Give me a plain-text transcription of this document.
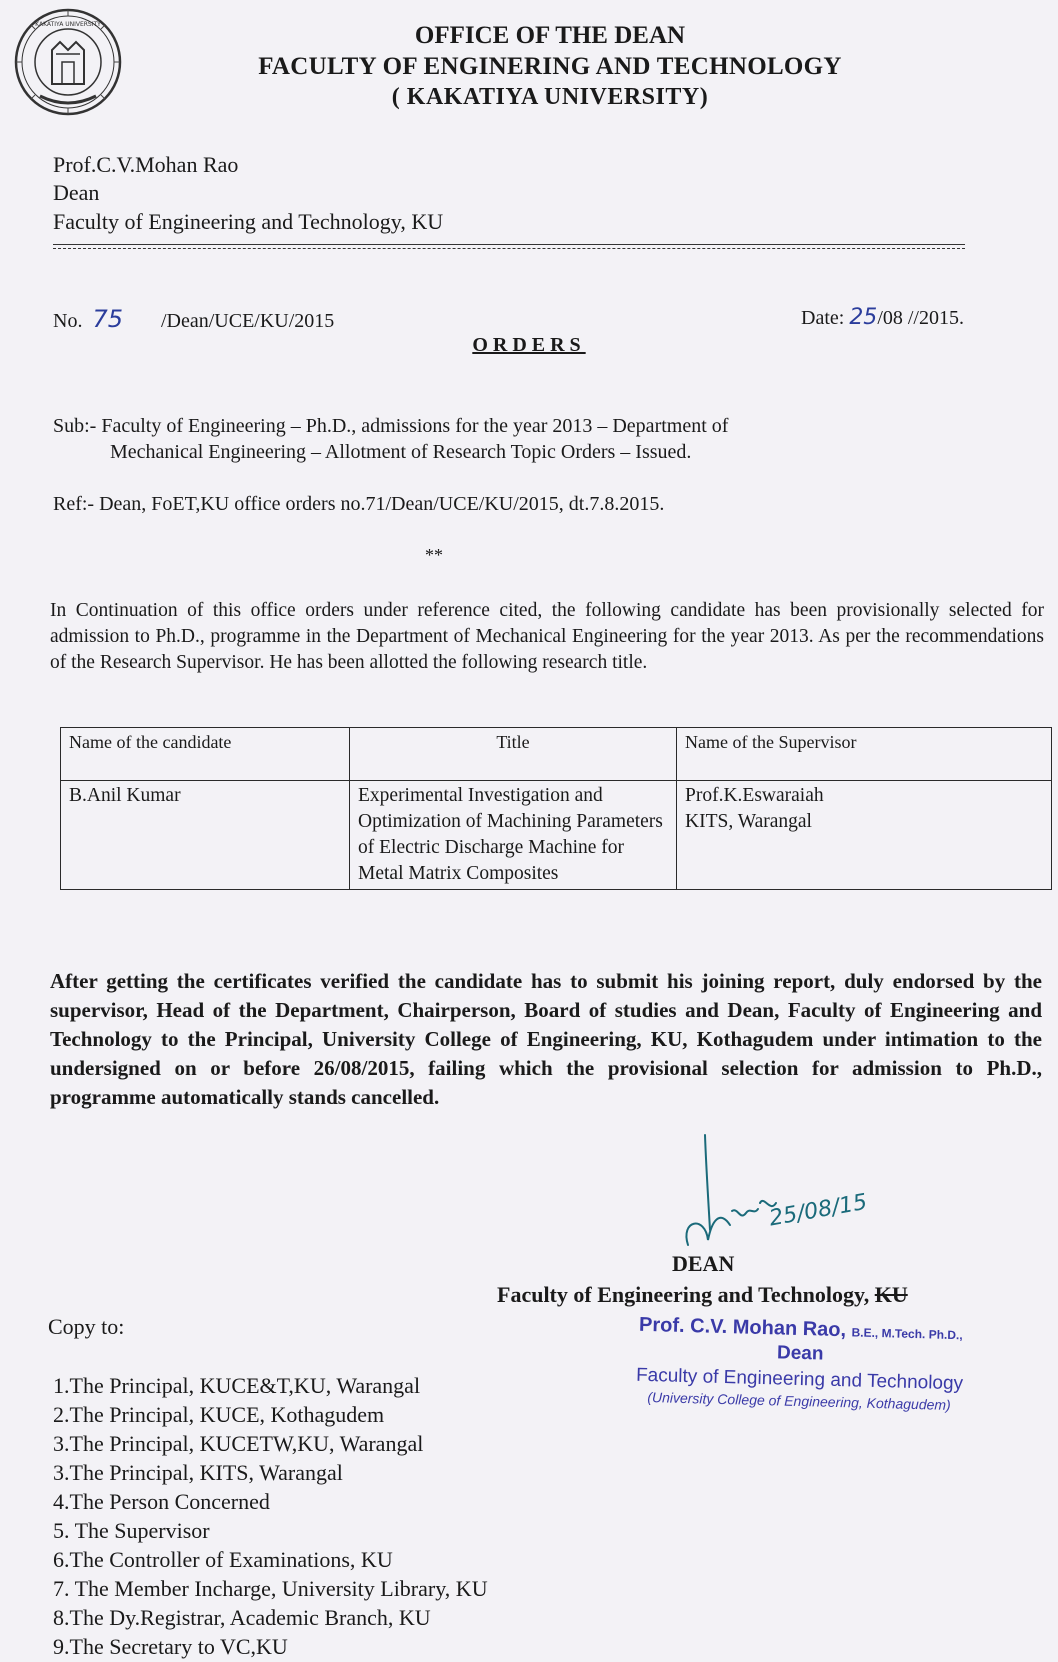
KAKATIYA UNIVERSITY	OFFICE OF THE DEAN
FACULTY OF ENGINERING AND TECHNOLOGY
( KAKATIYA UNIVERSITY)
Prof.C.V.Mohan Rao
Dean
Faculty of Engineering and Technology, KU
No. 75 /Dean/UCE/KU/2015	Date: 25/08 //2015.
ORDERS
Sub:- Faculty of Engineering – Ph.D., admissions for the year 2013 – Department of
Mechanical Engineering – Allotment of Research Topic Orders – Issued.
Ref:- Dean, FoET,KU office orders no.71/Dean/UCE/KU/2015, dt.7.8.2015.
**
In Continuation of this office orders under reference cited, the following candidate has been provisionally selected for admission to Ph.D., programme in the Department of Mechanical Engineering for the year 2013. As per the recommendations of the Research Supervisor. He has been allotted the following research title.
Name of the candidate	Title	Name of the Supervisor
B.Anil Kumar	Experimental Investigation and Optimization of Machining Parameters of Electric Discharge Machine for Metal Matrix Composites	Prof.K.Eswaraiah
KITS, Warangal
After getting the certificates verified the candidate has to submit his joining report, duly endorsed by the supervisor, Head of the Department, Chairperson, Board of studies and Dean, Faculty of Engineering and Technology to the Principal, University College of Engineering, KU, Kothagudem under intimation to the undersigned on or before 26/08/2015, failing which the provisional selection for admission to Ph.D., programme automatically stands cancelled.
25/08/15
DEAN
Faculty of Engineering and Technology, KU
Prof. C.V. Mohan Rao, B.E., M.Tech. Ph.D.,
Dean
Faculty of Engineering and Technology
(University College of Engineering, Kothagudem)
Copy to:
1.The Principal, KUCE&T,KU, Warangal
2.The Principal, KUCE, Kothagudem
3.The Principal, KUCETW,KU, Warangal
3.The Principal, KITS, Warangal
4.The Person Concerned
5. The Supervisor
6.The Controller of Examinations, KU
7. The Member Incharge, University Library, KU
8.The Dy.Registrar, Academic Branch, KU
9.The Secretary to VC,KU
